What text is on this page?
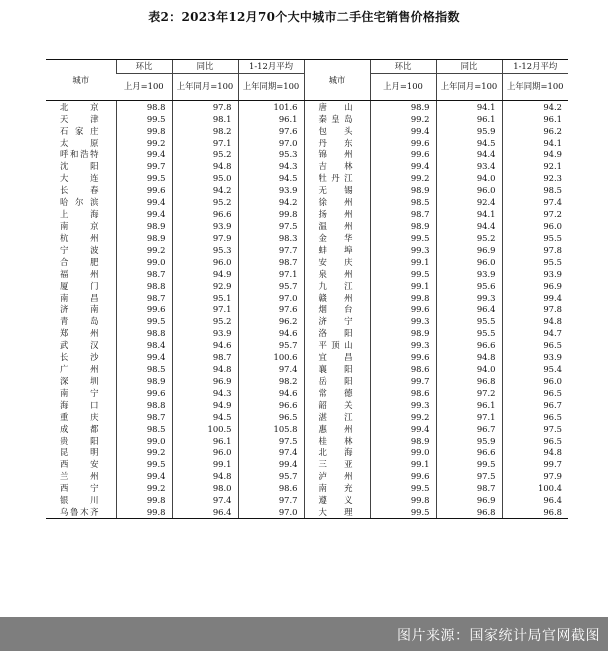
表2：2023年12月70个大中城市二手住宅销售价格指数
城市	环比	同比	1-12月平均	城市	环比	同比	1-12月平均
	上月=100	上年同月=100	上年同期=100		上月=100	上年同月=100	上年同期=100
北京	98.8	97.8	101.6	唐山	98.9	94.1	94.2
天津	99.5	98.1	96.1	秦皇岛	99.2	96.1	96.1
石家庄	99.8	98.2	97.6	包头	99.4	95.9	96.2
太原	99.2	97.1	97.0	丹东	99.6	94.5	94.1
呼和浩特	99.4	95.2	95.3	锦州	99.6	94.4	94.9
沈阳	99.7	94.8	94.3	吉林	99.4	93.4	92.1
大连	99.5	95.0	94.5	牡丹江	99.2	94.0	92.3
长春	99.6	94.2	93.9	无锡	98.9	96.0	98.5
哈尔滨	99.4	95.2	94.2	徐州	98.5	92.4	97.4
上海	99.4	96.6	99.8	扬州	98.7	94.1	97.2
南京	98.9	93.9	97.5	温州	98.9	94.4	96.0
杭州	98.9	97.9	98.3	金华	99.5	95.2	95.5
宁波	99.2	95.3	97.7	蚌埠	99.3	96.9	97.8
合肥	99.0	96.0	98.7	安庆	99.1	96.0	95.5
福州	98.7	94.9	97.1	泉州	99.5	93.9	93.9
厦门	98.8	92.9	95.7	九江	99.1	95.6	96.9
南昌	98.7	95.1	97.0	赣州	99.8	99.3	99.4
济南	99.6	97.1	97.6	烟台	99.6	96.4	97.8
青岛	99.5	95.2	96.2	济宁	99.3	95.5	94.8
郑州	98.8	93.9	94.6	洛阳	98.9	95.5	94.7
武汉	98.4	94.6	95.7	平顶山	99.3	96.6	96.5
长沙	99.4	98.7	100.6	宜昌	99.6	94.8	93.9
广州	98.5	94.8	97.4	襄阳	98.6	94.0	95.4
深圳	98.9	96.9	98.2	岳阳	99.7	96.8	96.0
南宁	99.6	94.3	94.6	常德	98.6	97.2	96.5
海口	98.8	94.9	96.6	韶关	99.3	96.1	96.7
重庆	98.7	94.5	96.5	湛江	99.2	97.1	96.5
成都	98.5	100.5	105.8	惠州	99.4	96.7	97.5
贵阳	99.0	96.1	97.5	桂林	98.9	95.9	96.5
昆明	99.2	96.0	97.4	北海	99.0	96.6	94.8
西安	99.5	99.1	99.4	三亚	99.1	99.5	99.7
兰州	99.4	94.8	95.7	泸州	99.6	97.5	97.9
西宁	99.2	98.0	98.6	南充	99.5	98.7	100.4
银川	99.8	97.4	97.7	遵义	99.8	96.9	96.4
乌鲁木齐	99.8	96.4	97.0	大理	99.5	96.8	96.8
图片来源：国家统计局官网截图
